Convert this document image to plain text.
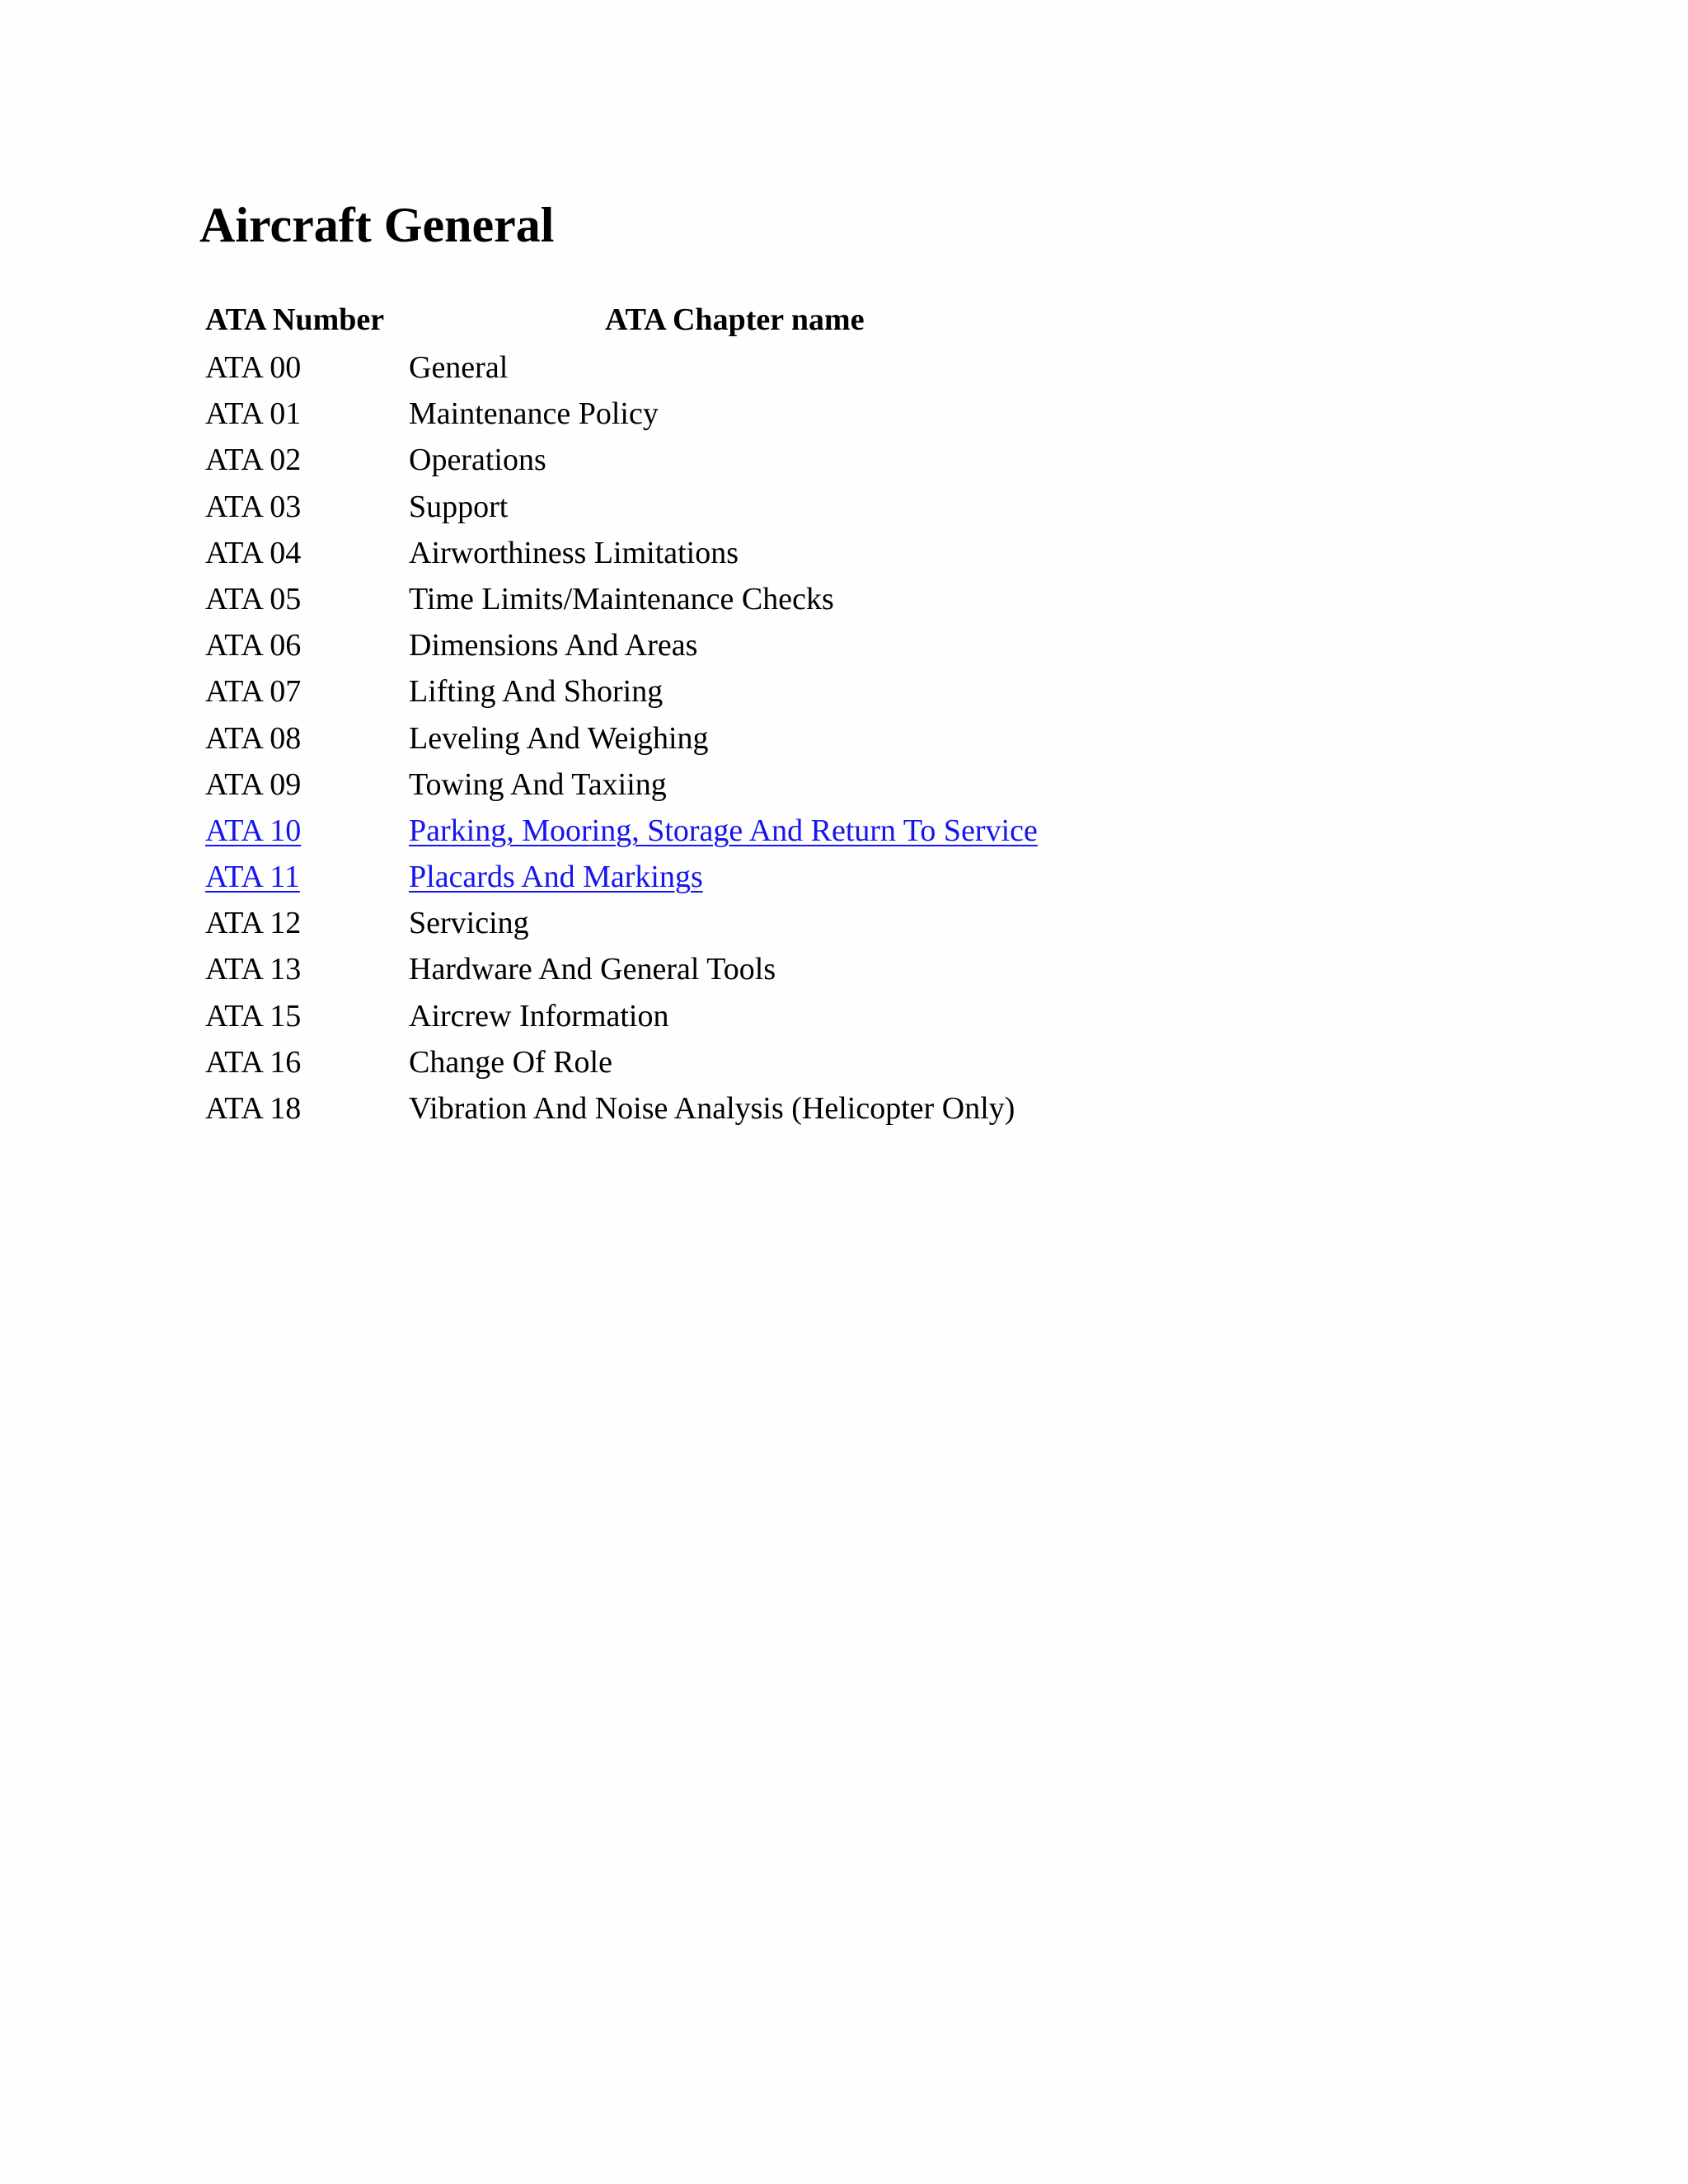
Aircraft General
ATA Number	ATA Chapter name
ATA 00	General
ATA 01	Maintenance Policy
ATA 02	Operations
ATA 03	Support
ATA 04	Airworthiness Limitations
ATA 05	Time Limits/Maintenance Checks
ATA 06	Dimensions And Areas
ATA 07	Lifting And Shoring
ATA 08	Leveling And Weighing
ATA 09	Towing And Taxiing
ATA 10	Parking, Mooring, Storage And Return To Service
ATA 11	Placards And Markings
ATA 12	Servicing
ATA 13	Hardware And General Tools
ATA 15	Aircrew Information
ATA 16	Change Of Role
ATA 18	Vibration And Noise Analysis (Helicopter Only)
